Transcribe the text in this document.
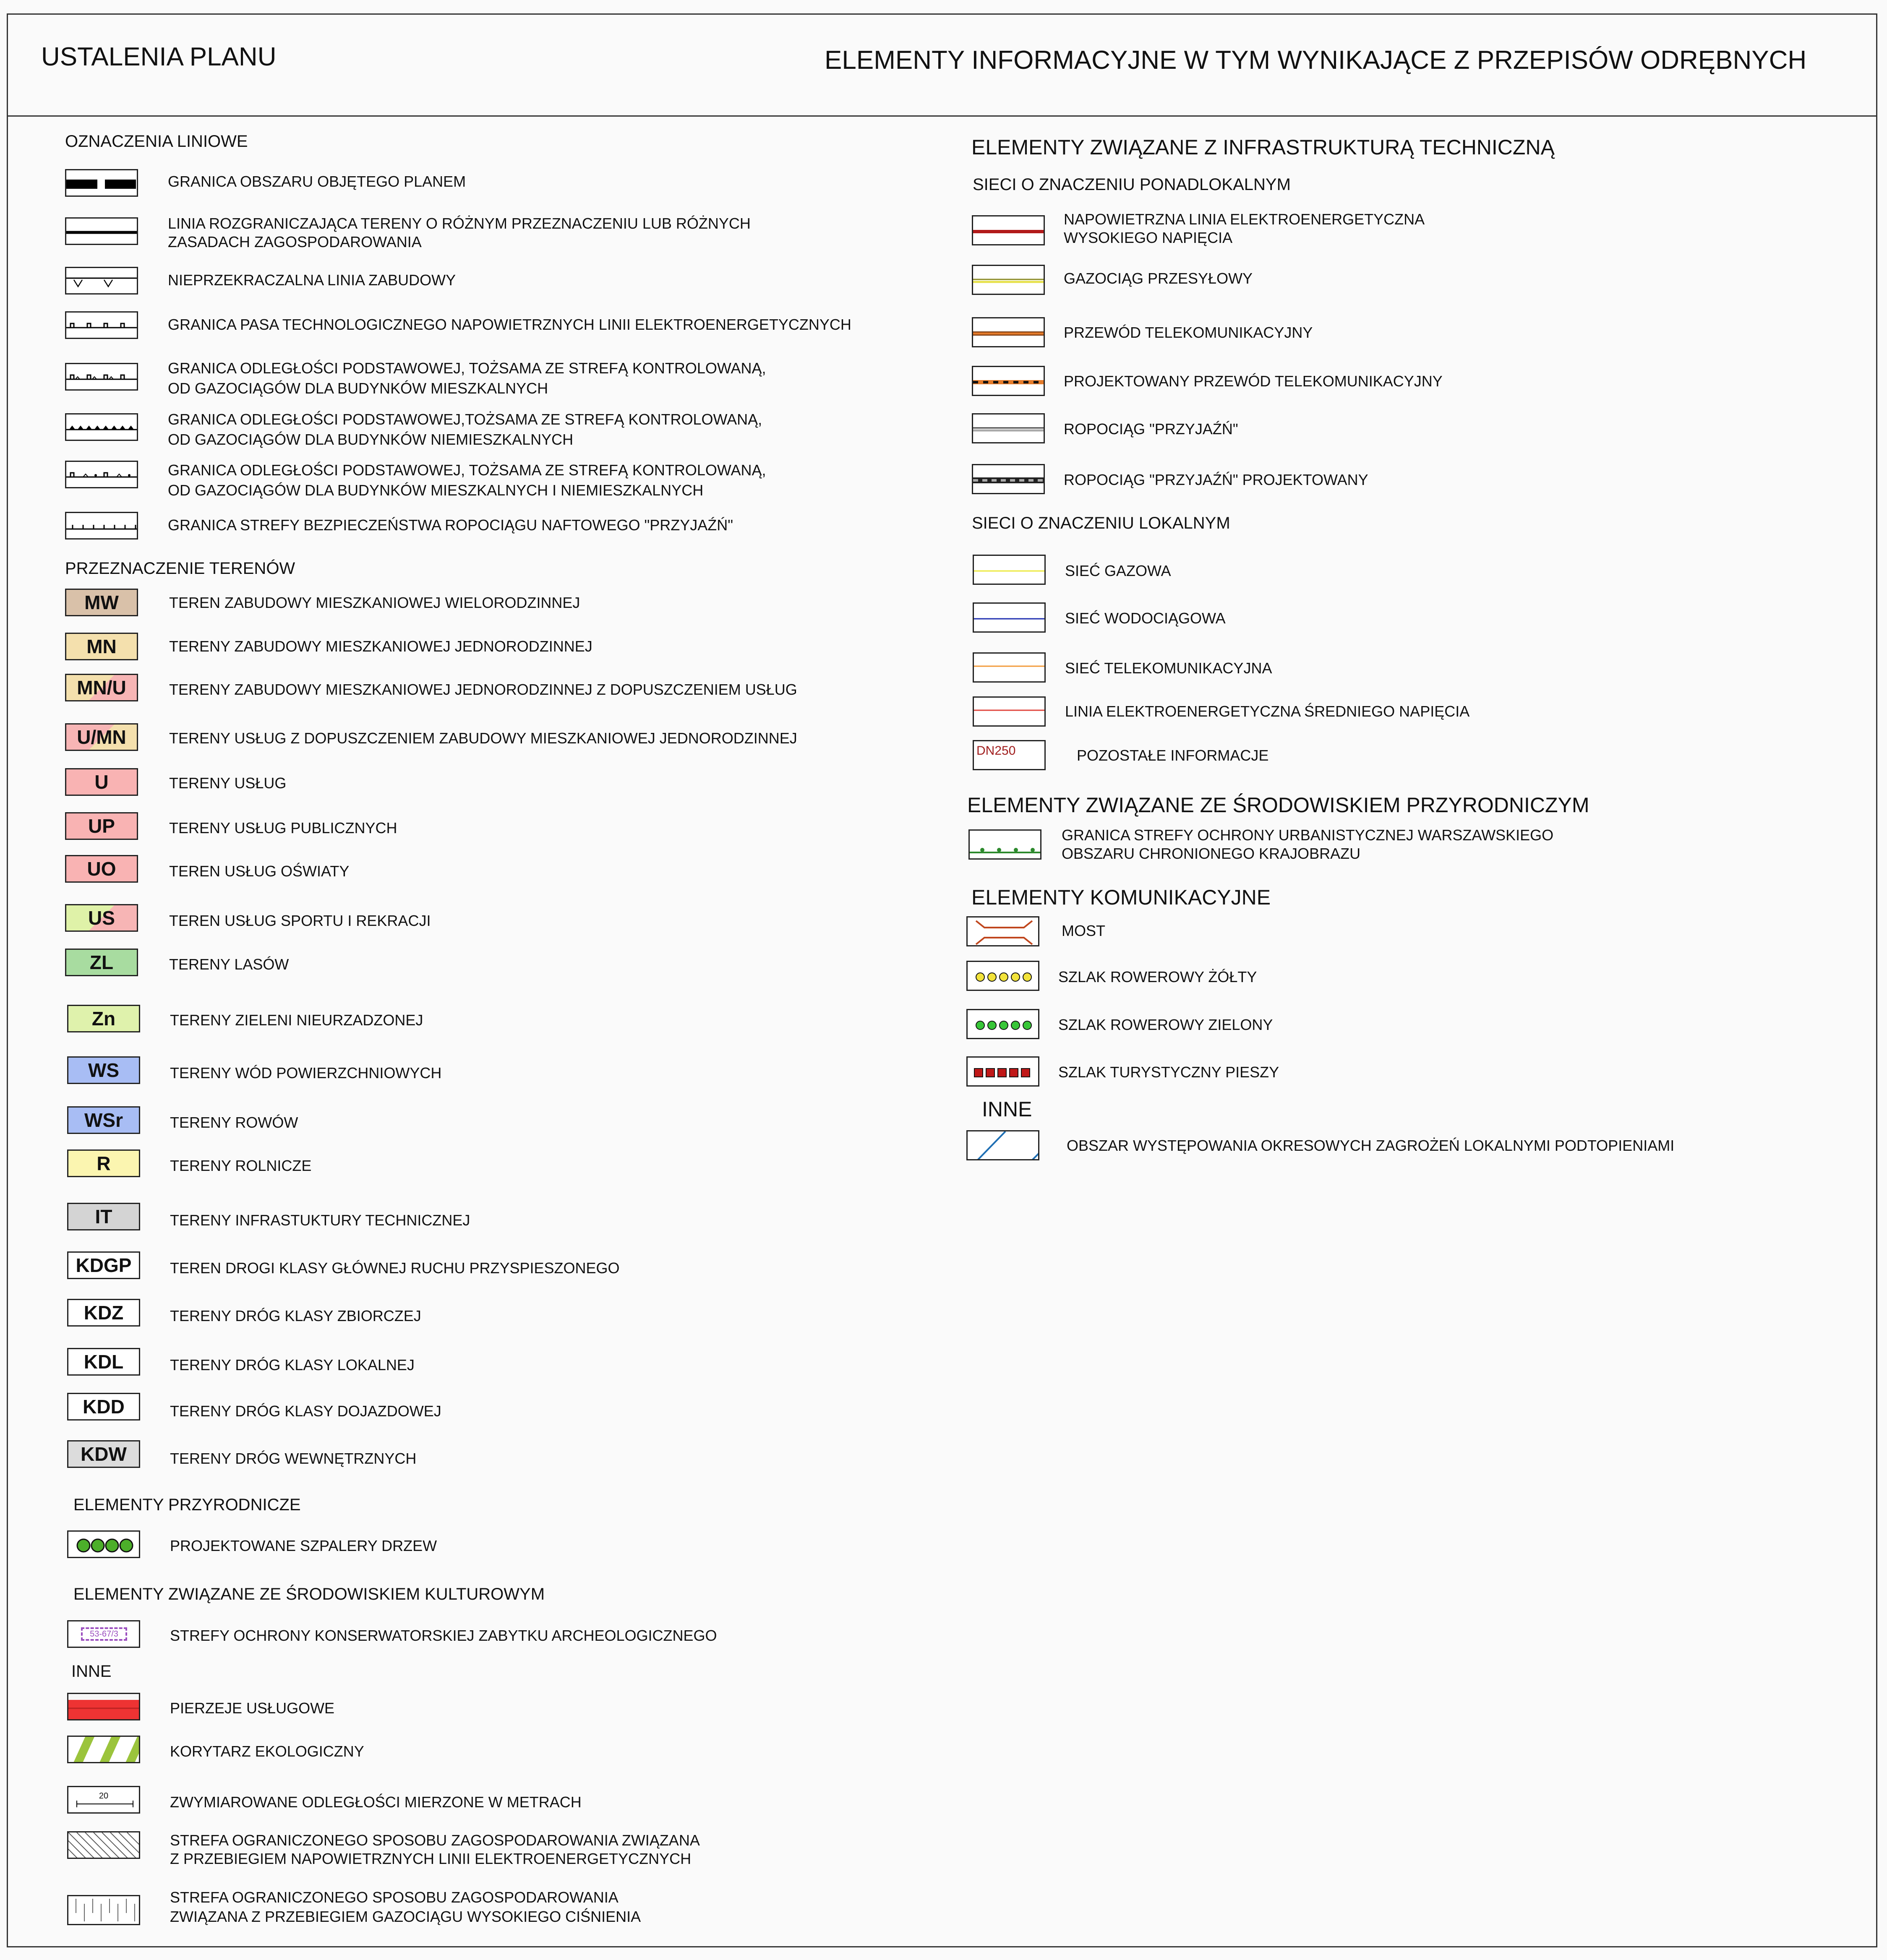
USTALENIA PLANU	ELEMENTY INFORMACYJNE W TYM WYNIKAJĄCE Z PRZEPISÓW ODRĘBNYCH
OZNACZENIA LINIOWE
GRANICA OBSZARU OBJĘTEGO PLANEM
LINIA ROZGRANICZAJĄCA TERENY O RÓŻNYM PRZEZNACZENIU LUB RÓŻNYCH
ZASADACH ZAGOSPODAROWANIA
NIEPRZEKRACZALNA LINIA ZABUDOWY
GRANICA PASA TECHNOLOGICZNEGO NAPOWIETRZNYCH LINII ELEKTROENERGETYCZNYCH
GRANICA ODLEGŁOŚCI PODSTAWOWEJ, TOŻSAMA ZE STREFĄ KONTROLOWANĄ,
OD GAZOCIĄGÓW DLA BUDYNKÓW MIESZKALNYCH
GRANICA ODLEGŁOŚCI PODSTAWOWEJ,TOŻSAMA ZE STREFĄ KONTROLOWANĄ,
OD GAZOCIĄGÓW DLA BUDYNKÓW NIEMIESZKALNYCH
GRANICA ODLEGŁOŚCI PODSTAWOWEJ, TOŻSAMA ZE STREFĄ KONTROLOWANĄ,
OD GAZOCIĄGÓW DLA BUDYNKÓW MIESZKALNYCH I NIEMIESZKALNYCH
GRANICA STREFY BEZPIECZEŃSTWA ROPOCIĄGU NAFTOWEGO "PRZYJAŹŃ"
PRZEZNACZENIE TERENÓW
MW	TEREN ZABUDOWY MIESZKANIOWEJ WIELORODZINNEJ
MN	TERENY ZABUDOWY MIESZKANIOWEJ JEDNORODZINNEJ
MN/U	TERENY ZABUDOWY MIESZKANIOWEJ JEDNORODZINNEJ Z DOPUSZCZENIEM USŁUG
U/MN	TERENY USŁUG Z DOPUSZCZENIEM ZABUDOWY MIESZKANIOWEJ JEDNORODZINNEJ
U	TERENY USŁUG
UP	TERENY USŁUG PUBLICZNYCH
UO	TEREN USŁUG OŚWIATY
US	TEREN USŁUG SPORTU I REKRACJI
ZL	TERENY LASÓW
Zn	TERENY ZIELENI NIEURZADZONEJ
WS	TERENY WÓD POWIERZCHNIOWYCH
WSr	TERENY ROWÓW
R	TERENY ROLNICZE
IT	TERENY INFRASTUKTURY TECHNICZNEJ
KDGP	TEREN DROGI KLASY GŁÓWNEJ RUCHU PRZYSPIESZONEGO
KDZ	TERENY DRÓG KLASY ZBIORCZEJ
KDL	TERENY DRÓG KLASY LOKALNEJ
KDD	TERENY DRÓG KLASY DOJAZDOWEJ
KDW	TERENY DRÓG WEWNĘTRZNYCH
ELEMENTY PRZYRODNICZE
PROJEKTOWANE SZPALERY DRZEW
ELEMENTY ZWIĄZANE ZE ŚRODOWISKIEM KULTUROWYM
53-67/3	STREFY OCHRONY KONSERWATORSKIEJ ZABYTKU ARCHEOLOGICZNEGO
INNE
PIERZEJE USŁUGOWE
KORYTARZ EKOLOGICZNY
20	ZWYMIAROWANE ODLEGŁOŚCI MIERZONE W METRACH
STREFA OGRANICZONEGO SPOSOBU ZAGOSPODAROWANIA ZWIĄZANA
Z PRZEBIEGIEM NAPOWIETRZNYCH LINII ELEKTROENERGETYCZNYCH
STREFA OGRANICZONEGO SPOSOBU ZAGOSPODAROWANIA
ZWIĄZANA Z PRZEBIEGIEM GAZOCIĄGU WYSOKIEGO CIŚNIENIA
ELEMENTY ZWIĄZANE Z INFRASTRUKTURĄ TECHNICZNĄ
SIECI O ZNACZENIU PONADLOKALNYM
NAPOWIETRZNA LINIA ELEKTROENERGETYCZNA
WYSOKIEGO NAPIĘCIA
GAZOCIĄG PRZESYŁOWY
PRZEWÓD TELEKOMUNIKACYJNY
PROJEKTOWANY PRZEWÓD TELEKOMUNIKACYJNY
ROPOCIĄG "PRZYJAŹŃ"
ROPOCIĄG "PRZYJAŹŃ" PROJEKTOWANY
SIECI O ZNACZENIU LOKALNYM
SIEĆ GAZOWA
SIEĆ WODOCIĄGOWA
SIEĆ TELEKOMUNIKACYJNA
LINIA ELEKTROENERGETYCZNA ŚREDNIEGO NAPIĘCIA
DN250	POZOSTAŁE INFORMACJE
ELEMENTY ZWIĄZANE ZE ŚRODOWISKIEM PRZYRODNICZYM
GRANICA STREFY OCHRONY URBANISTYCZNEJ WARSZAWSKIEGO
OBSZARU CHRONIONEGO KRAJOBRAZU
ELEMENTY KOMUNIKACYJNE
MOST
SZLAK ROWEROWY ŻÓŁTY
SZLAK ROWEROWY ZIELONY
SZLAK TURYSTYCZNY PIESZY
INNE
OBSZAR WYSTĘPOWANIA OKRESOWYCH ZAGROŻEŃ LOKALNYMI PODTOPIENIAMI
